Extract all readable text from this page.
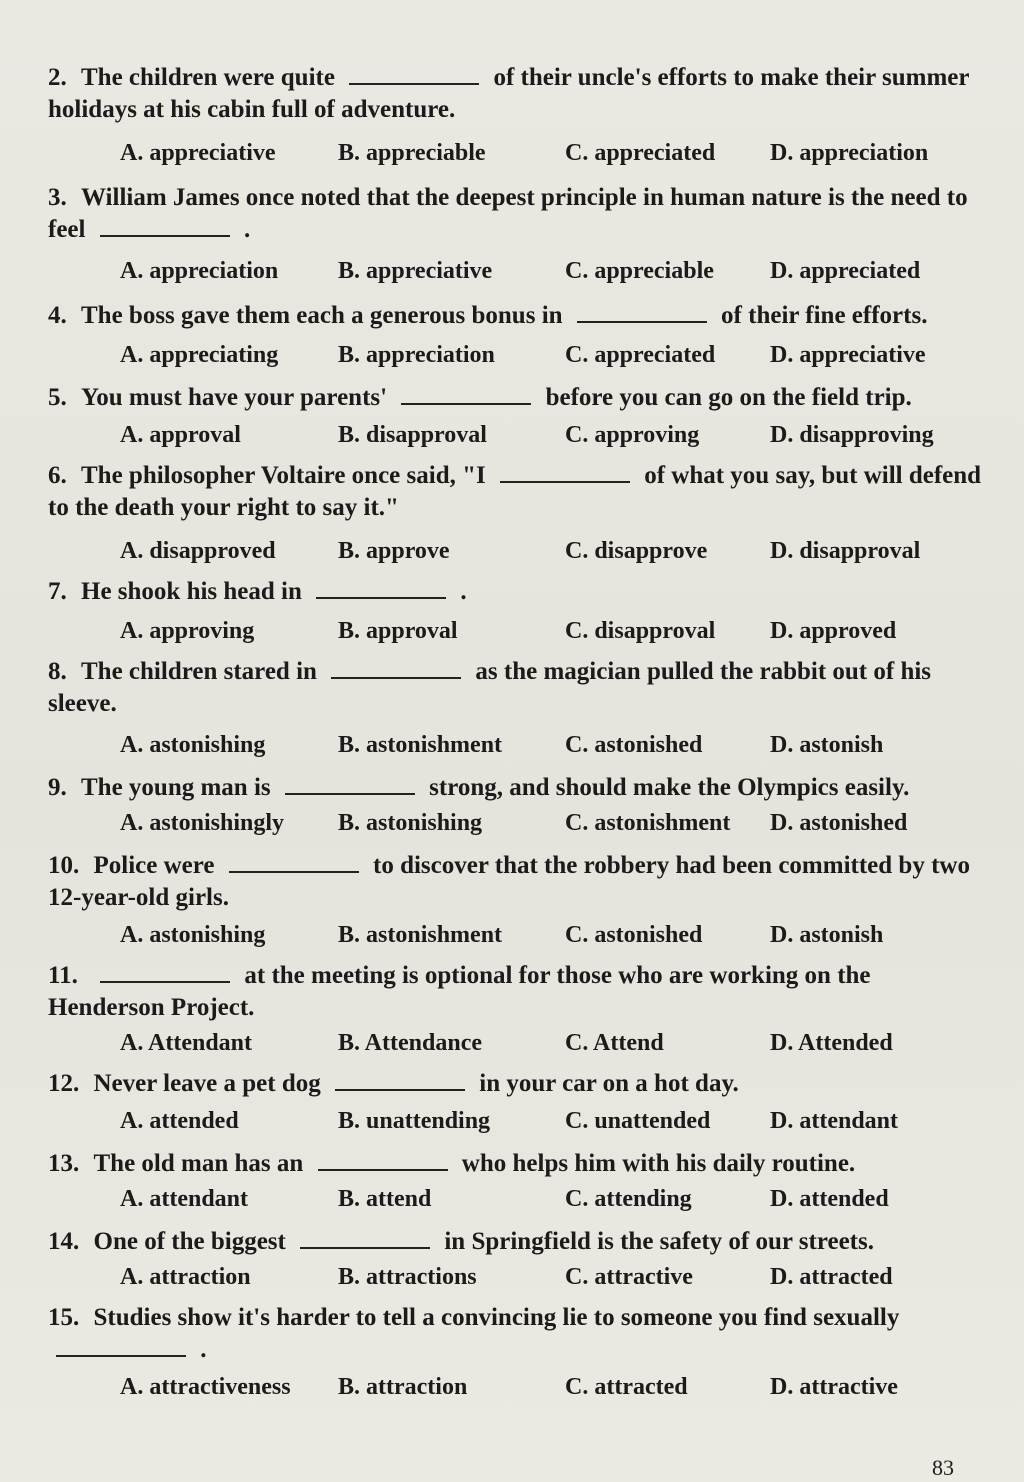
2. The children were quite	of their uncle's efforts to make their summer holidays at his cabin full of adventure.
A. appreciative	B. appreciable	C. appreciated D. appreciation
3. William James once noted that the deepest principle in human nature is the need to feel	.
A. appreciation B. appreciative	C. appreciable D. appreciated
4. The boss gave them each a generous bonus in	of their fine efforts.
A. appreciating B. appreciation	C. appreciated D. appreciative
5. You must have your parents'	before you can go on the field trip.
A. approval	B. disapproval	C. approving	D. disapproving
6. The philosopher Voltaire once said, "I	of what you say, but will defend to the death your right to say it."
A. disapproved	B. approve	C. disapprove	D. disapproval
7. He shook his head in	.
A. approving	B. approval	C. disapproval D. approved
8. The children stared in	as the magician pulled the rabbit out of his sleeve.
A. astonishing	B. astonishment	C. astonished	D. astonish
9. The young man is	strong, and should make the Olympics easily.
A. astonishingly B. astonishing	C. astonishment D. astonished
10. Police were	to discover that the robbery had been committed by two 12-year-old girls.
A. astonishing	B. astonishment	C. astonished	D. astonish
11.	at the meeting is optional for those who are working on the Henderson Project.
A. Attendant	B. Attendance	C. Attend	D. Attended
12. Never leave a pet dog	in your car on a hot day.
A. attended	B. unattending	C. unattended D. attendant
13. The old man has an	who helps him with his daily routine.
A. attendant	B. attend	C. attending	D. attended
14. One of the biggest	in Springfield is the safety of our streets.
A. attraction	B. attractions	C. attractive	D. attracted
15. Studies show it's harder to tell a convincing lie to someone you find sexually  .
A. attractiveness B. attraction	C. attracted	D. attractive
83
